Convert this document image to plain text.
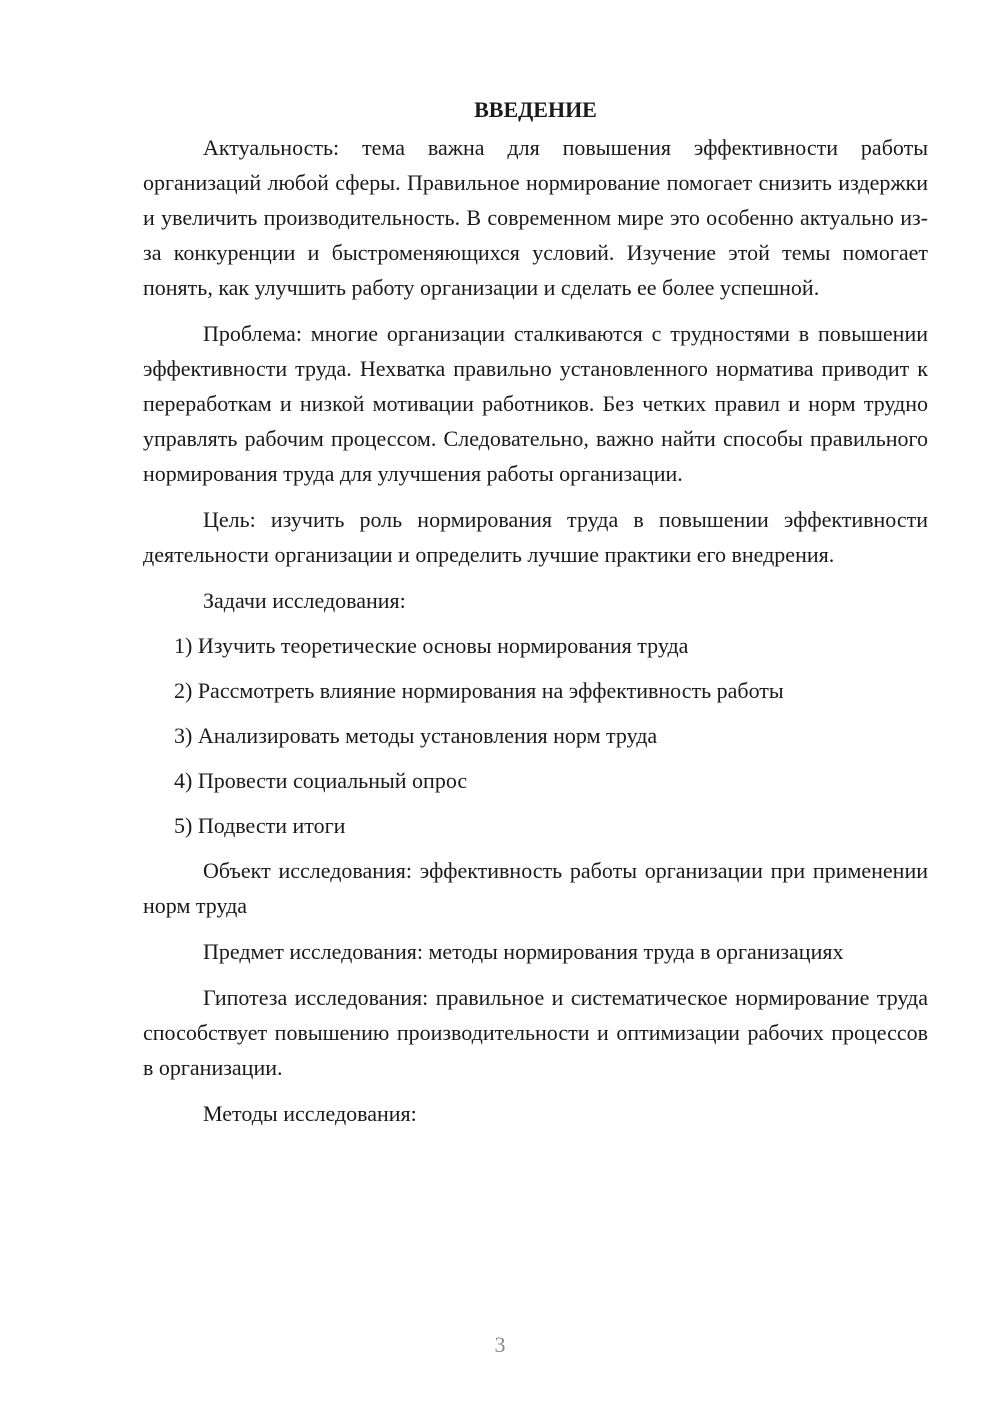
ВВЕДЕНИЕ

Актуальность: тема важна для повышения эффективности работы организаций любой сферы. Правильное нормирование помогает снизить издержки и увеличить производительность. В современном мире это особенно актуально из-за конкуренции и быстроменяющихся условий. Изучение этой темы помогает понять, как улучшить работу организации и сделать ее более успешной.

Проблема: многие организации сталкиваются с трудностями в повышении эффективности труда. Нехватка правильно установленного норматива приводит к переработкам и низкой мотивации работников. Без четких правил и норм трудно управлять рабочим процессом. Следовательно, важно найти способы правильного нормирования труда для улучшения работы организации.

Цель: изучить роль нормирования труда в повышении эффективности деятельности организации и определить лучшие практики его внедрения.

Задачи исследования:

1) Изучить теоретические основы нормирования труда
2) Рассмотреть влияние нормирования на эффективность работы
3) Анализировать методы установления норм труда
4) Провести социальный опрос
5) Подвести итоги

Объект исследования: эффективность работы организации при применении норм труда

Предмет исследования: методы нормирования труда в организациях

Гипотеза исследования: правильное и систематическое нормирование труда способствует повышению производительности и оптимизации рабочих процессов в организации.

Методы исследования:

3
